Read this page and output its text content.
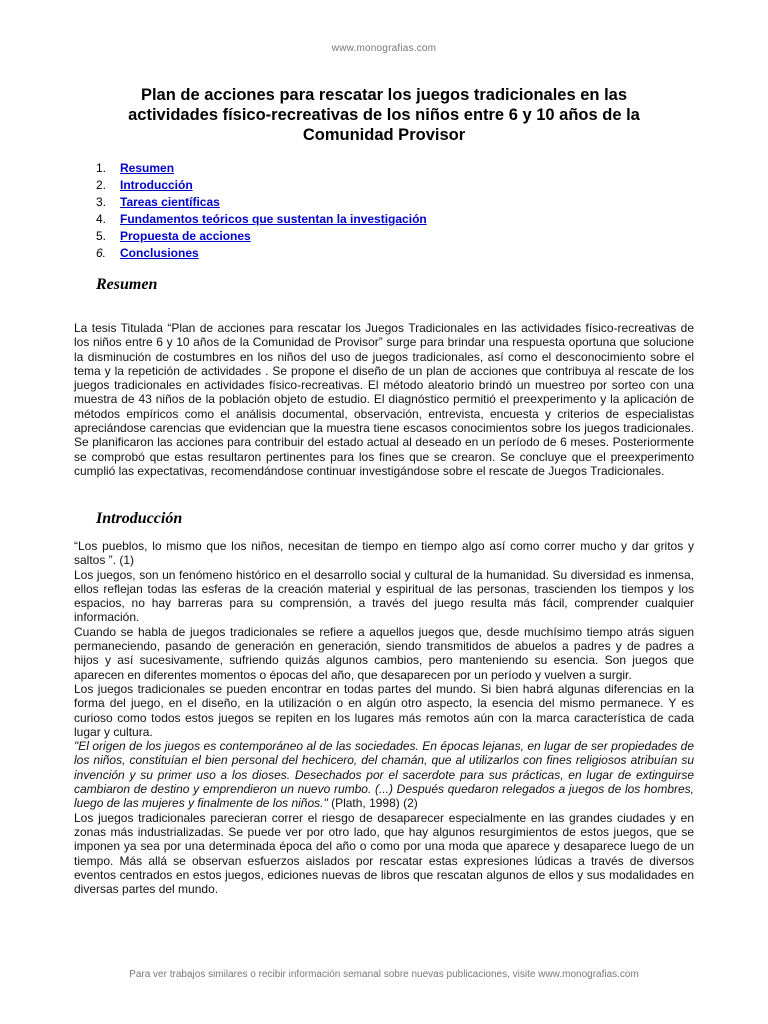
www.monografias.com
Plan de acciones para rescatar los juegos tradicionales en las actividades físico-recreativas de los niños entre 6 y 10 años de la Comunidad Provisor
1.	Resumen
2.	Introducción
3.	Tareas científicas
4.	Fundamentos teóricos que sustentan la investigación
5.	Propuesta de acciones
6.	Conclusiones
Resumen

La tesis Titulada “Plan de acciones para rescatar los Juegos Tradicionales en las actividades físico-recreativas de los niños entre 6 y 10 años de la Comunidad de Provisor” surge para brindar una respuesta oportuna que solucione la disminución de costumbres en los niños del uso de juegos tradicionales, así como el desconocimiento sobre el tema y la repetición de actividades . Se propone el diseño de un plan de acciones que contribuya al rescate de los juegos tradicionales en actividades físico-recreativas. El método aleatorio brindó un muestreo por sorteo con una muestra de 43 niños de la población objeto de estudio. El diagnóstico permitió el preexperimento y la aplicación de métodos empíricos como el análisis documental, observación, entrevista, encuesta y criterios de especialistas apreciándose carencias que evidencian que la muestra tiene escasos conocimientos sobre los juegos tradicionales. Se planificaron las acciones para contribuir del estado actual al deseado en un período de 6 meses. Posteriormente se comprobó que estas resultaron pertinentes para los fines que se crearon. Se concluye que el preexperimento cumplió las expectativas, recomendándose continuar investigándose sobre el rescate de Juegos Tradicionales.

Introducción

“Los pueblos, lo mismo que los niños, necesitan de tiempo en tiempo algo así como correr mucho y dar gritos y saltos ”. (1)

Los juegos, son un fenómeno histórico en el desarrollo social y cultural de la humanidad. Su diversidad es inmensa, ellos reflejan todas las esferas de la creación material y espiritual de las personas, trascienden los tiempos y los espacios, no hay barreras para su comprensión, a través del juego resulta más fácil, comprender cualquier información.

Cuando se habla de juegos tradicionales se refiere a aquellos juegos que, desde muchísimo tiempo atrás siguen permaneciendo, pasando de generación en generación, siendo transmitidos de abuelos a padres y de padres a hijos y así sucesivamente, sufriendo quizás algunos cambios, pero manteniendo su esencia. Son juegos que aparecen en diferentes momentos o épocas del año, que desaparecen por un período y vuelven a surgir.

Los juegos tradicionales se pueden encontrar en todas partes del mundo. Si bien habrá algunas diferencias en la forma del juego, en el diseño, en la utilización o en algún otro aspecto, la esencia del mismo permanece. Y es curioso como todos estos juegos se repiten en los lugares más remotos aún con la marca característica de cada lugar y cultura.

"El origen de los juegos es contemporáneo al de las sociedades. En épocas lejanas, en lugar de ser propiedades de los niños, constituían el bien personal del hechicero, del chamán, que al utilizarlos con fines religiosos atribuían su invención y su primer uso a los dioses. Desechados por el sacerdote para sus prácticas, en lugar de extinguirse cambiaron de destino y emprendieron un nuevo rumbo. (...) Después quedaron relegados a juegos de los hombres, luego de las mujeres y finalmente de los niños." (Plath, 1998) (2)

Los juegos tradicionales parecieran correr el riesgo de desaparecer especialmente en las grandes ciudades y en zonas más industrializadas. Se puede ver por otro lado, que hay algunos resurgimientos de estos juegos, que se imponen ya sea por una determinada época del año o como por una moda que aparece y desaparece luego de un tiempo. Más allá se observan esfuerzos aislados por rescatar estas expresiones lúdicas a través de diversos eventos centrados en estos juegos, ediciones nuevas de libros que rescatan algunos de ellos y sus modalidades en diversas partes del mundo.

Para ver trabajos similares o recibir información semanal sobre nuevas publicaciones, visite www.monografias.com
